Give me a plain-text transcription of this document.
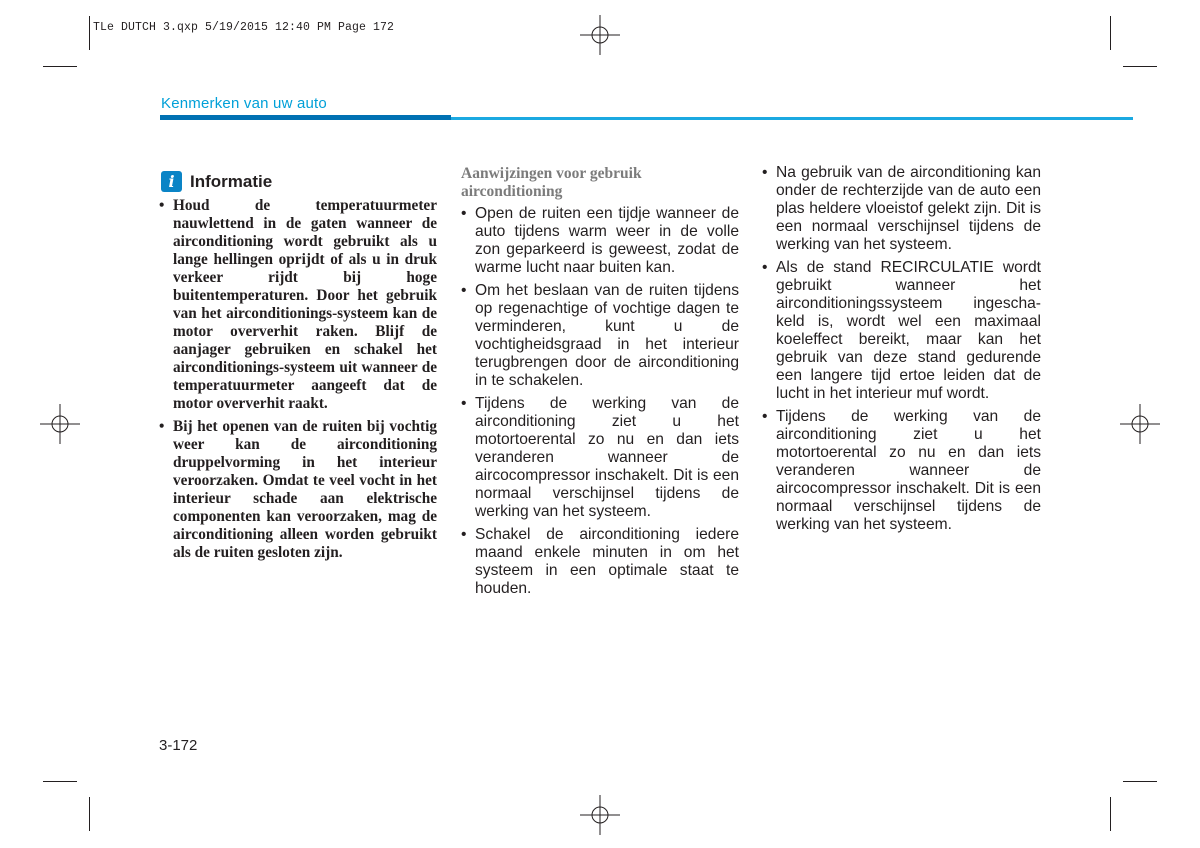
TLe DUTCH 3.qxp 5/19/2015 12:40 PM Page 172
Kenmerken van uw auto
i Informatie
• Houd de temperatuurmeter nauwlettend in de gaten wanneer de airconditioning wordt gebruikt als u lange hellingen oprijdt of als u in druk verkeer rijdt bij hoge buitentemperaturen. Door het gebruik van het airconditionings-systeem kan de motor oververhit raken. Blijf de aanjager gebruiken en schakel het airconditionings-systeem uit wanneer de temperatuurmeter aangeeft dat de motor oververhit raakt.
• Bij het openen van de ruiten bij vochtig weer kan de airconditioning druppelvorming in het interieur veroorzaken. Omdat te veel vocht in het interieur schade aan elektrische componenten kan veroorzaken, mag de airconditioning alleen worden gebruikt als de ruiten gesloten zijn.
Aanwijzingen voor gebruik airconditioning
• Open de ruiten een tijdje wanneer de auto tijdens warm weer in de volle zon geparkeerd is geweest, zodat de warme lucht naar buiten kan.
• Om het beslaan van de ruiten tijdens op regenachtige of vochtige dagen te verminderen, kunt u de vochtigheidsgraad in het interieur terugbrengen door de airconditioning in te schakelen.
• Tijdens de werking van de airconditioning ziet u het motortoerental zo nu en dan iets veranderen wanneer de aircocompressor inschakelt. Dit is een normaal verschijnsel tijdens de werking van het systeem.
• Schakel de airconditioning iedere maand enkele minuten in om het systeem in een optimale staat te houden.
• Na gebruik van de airconditioning kan onder de rechterzijde van de auto een plas heldere vloeistof gelekt zijn. Dit is een normaal verschijnsel tijdens de werking van het systeem.
• Als de stand RECIRCULATIE wordt gebruikt wanneer het airconditioningssysteem ingescha-keld is, wordt wel een maximaal koeleffect bereikt, maar kan het gebruik van deze stand gedurende een langere tijd ertoe leiden dat de lucht in het interieur muf wordt.
• Tijdens de werking van de airconditioning ziet u het motortoerental zo nu en dan iets veranderen wanneer de aircocompressor inschakelt. Dit is een normaal verschijnsel tijdens de werking van het systeem.
3-172
